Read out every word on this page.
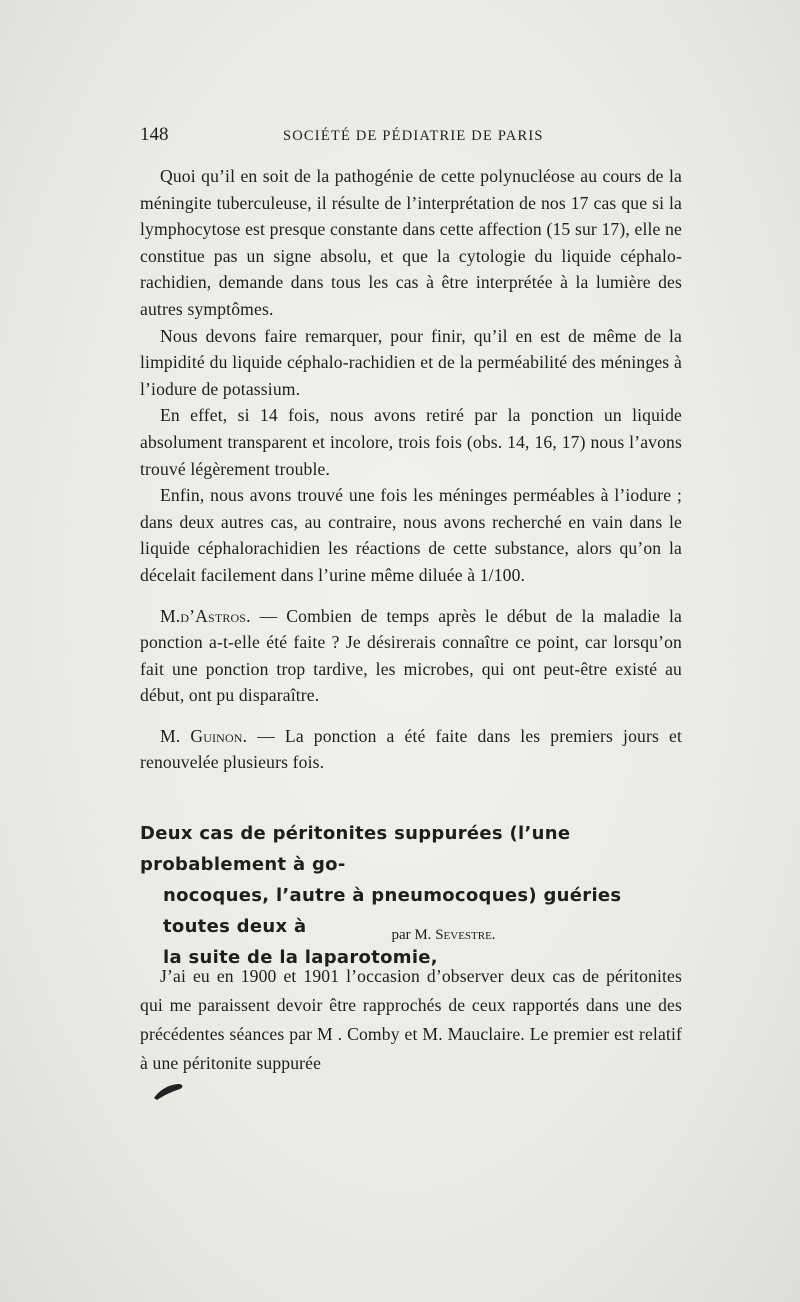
148	SOCIÉTÉ DE PÉDIATRIE DE PARIS

Quoi qu’il en soit de la pathogénie de cette polynucléose au cours de la méningite tuberculeuse, il résulte de l’interprétation de nos 17 cas que si la lymphocytose est presque constante dans cette affection (15 sur 17), elle ne constitue pas un signe absolu, et que la cytologie du liquide céphalo-rachidien, demande dans tous les cas à être interprétée à la lumière des autres symptômes.

Nous devons faire remarquer, pour finir, qu’il en est de même de la limpidité du liquide céphalo-rachidien et de la perméabilité des méninges à l’iodure de potassium.

En effet, si 14 fois, nous avons retiré par la ponction un liquide absolument transparent et incolore, trois fois (obs. 14, 16, 17) nous l’avons trouvé légèrement trouble.

Enfin, nous avons trouvé une fois les méninges perméables à l’iodure ; dans deux autres cas, au contraire, nous avons recherché en vain dans le liquide céphalorachidien les réactions de cette substance, alors qu’on la décelait facilement dans l’urine même diluée à 1/100.

M.d’Astros. — Combien de temps après le début de la maladie la ponction a-t-elle été faite ? Je désirerais connaître ce point, car lorsqu’on fait une ponction trop tardive, les microbes, qui ont peut-être existé au début, ont pu disparaître.

M. Guinon. — La ponction a été faite dans les premiers jours et renouvelée plusieurs fois.

Deux cas de péritonites suppurées (l’une probablement à go-
nocoques, l’autre à pneumocoques) guéries toutes deux à
la suite de la laparotomie,
par M. Sevestre.

J’ai eu en 1900 et 1901 l’occasion d’observer deux cas de péritonites qui me paraissent devoir être rapprochés de ceux rapportés dans une des précédentes séances par M . Comby et M. Mauclaire. Le premier est relatif à une péritonite suppurée
